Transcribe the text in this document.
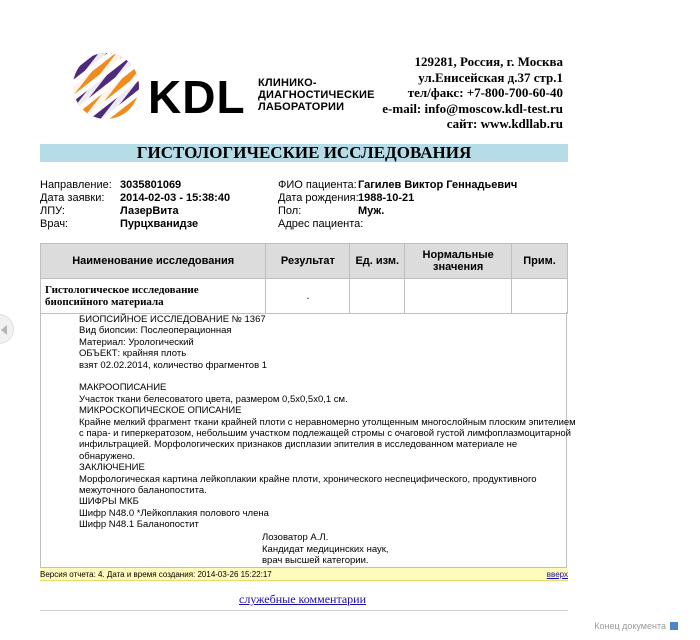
KDL КЛИНИКО-
ДИАГНОСТИЧЕСКИЕ
ЛАБОРАТОРИИ
129281, Россия, г. Москва
ул.Енисейская д.37 стр.1
тел/факс: +7-800-700-60-40
e-mail: info@moscow.kdl-test.ru
сайт: www.kdllab.ru
ГИСТОЛОГИЧЕСКИЕ ИССЛЕДОВАНИЯ
Направление: 3035801069
Дата заявки: 2014-02-03 - 15:38:40
ЛПУ:	ЛазерВита
Врач:	Пурцхванидзе
ФИО пациента: Гагилев Виктор Геннадьевич
Дата рождения: 1988-10-21
Пол:	Муж.
Адрес пациента:
Наименование исследования	Результат	Ед. изм.	Нормальные значения	Прим.
Гистологическое исследование биопсийного материала	.			
БИОПСИЙНОЕ ИССЛЕДОВАНИЕ № 1367
Вид биопсии: Послеоперационная
Материал: Урологический
ОБЪЕКТ: крайняя плоть
взят 02.02.2014, количество фрагментов 1
МАКРООПИСАНИЕ
Участок ткани белесоватого цвета, размером 0,5х0,5х0,1 см.
МИКРОСКОПИЧЕСКОЕ ОПИСАНИЕ
Крайне мелкий фрагмент ткани крайней плоти с неравномерно утолщенным многослойным плоским эпителием
с пара- и гиперкератозом, небольшим участком подлежащей стромы с очаговой густой лимфоплазмоцитарной
инфильтрацией. Морфологических признаков дисплазии эпителия в исследованном материале не
обнаружено.
ЗАКЛЮЧЕНИЕ
Морфологическая картина лейкоплакии крайне плоти, хронического неспецифического, продуктивного
межуточного баланопостита.
ШИФРЫ МКБ
Шифр N48.0 *Лейкоплакия полового члена
Шифр N48.1 Баланопостит
Лозоватор А.Л.
Кандидат медицинских наук,
врач высшей категории.
Версия отчета: 4. Дата и время создания: 2014-03-26 15:22:17	вверх
служебные комментарии
Конец документа
